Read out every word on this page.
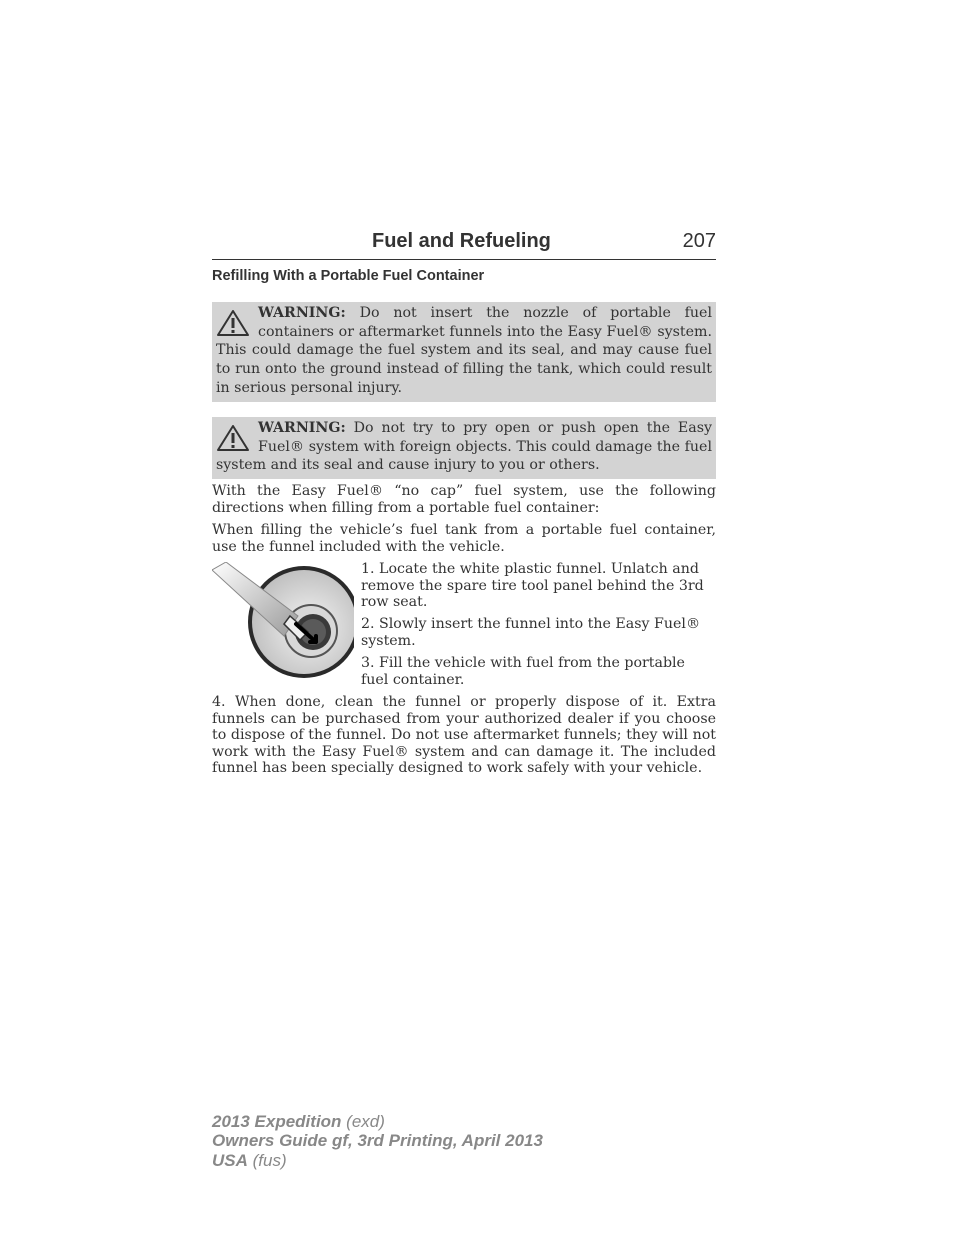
Fuel and Refueling	207
Refilling With a Portable Fuel Container
WARNING: Do not insert the nozzle of portable fuel containers or aftermarket funnels into the Easy Fuel® system. This could damage the fuel system and its seal, and may cause fuel to run onto the ground instead of filling the tank, which could result in serious personal injury.
WARNING: Do not try to pry open or push open the Easy Fuel® system with foreign objects. This could damage the fuel system and its seal and cause injury to you or others.
With the Easy Fuel® “no cap” fuel system, use the following directions when filling from a portable fuel container:
When filling the vehicle’s fuel tank from a portable fuel container, use the funnel included with the vehicle.
1. Locate the white plastic funnel. Unlatch and remove the spare tire tool panel behind the 3rd row seat.
2. Slowly insert the funnel into the Easy Fuel® system.
3. Fill the vehicle with fuel from the portable fuel container.
4. When done, clean the funnel or properly dispose of it. Extra funnels can be purchased from your authorized dealer if you choose to dispose of the funnel. Do not use aftermarket funnels; they will not work with the Easy Fuel® system and can damage it. The included funnel has been specially designed to work safely with your vehicle.
2013 Expedition (exd)
Owners Guide gf, 3rd Printing, April 2013
USA (fus)
